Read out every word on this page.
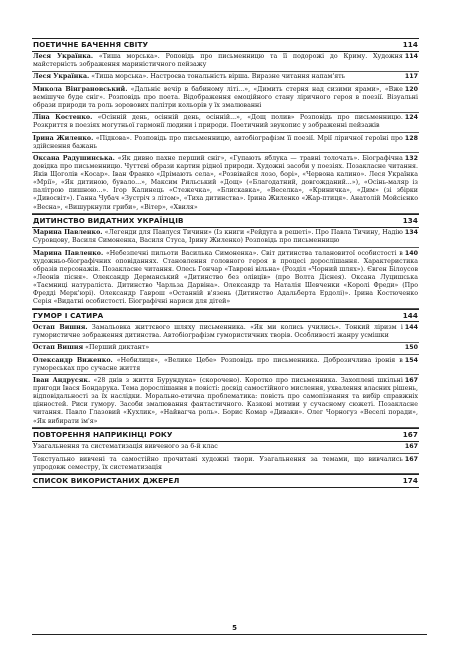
114
ПОЕТИЧНЕ БАЧЕННЯ СВІТУ
114
Леся Українка. «Тиша морська». Роповідь про письменницю та її подорожі до Криму. Художня майстерність зображення мариністичного пейзажу
117
Леся Українка. «Тиша морська». Настроєва тональність вірша. Виразне читання напам'ять
120
Микола Вінграновський. «Дальніє вечір в бабиному літі...», «Димить стерня над сизими ярами», «Вже вемішуче буде сніг». Розповідь про поета. Відображення емоційного стану ліричного героя в поезії. Візуальні образи природи та роль зоровових палітри кольорів у їх змалюванні
124
Ліна Костенко. «Осінній день, осінній день, осінній...», «Дощ полив» Розповідь про письменницю. Розкриття в поезіях могутньої гармонії людини і природи. Поетичний звукопис у зображенні пейзажів
128
Ірина Жиленко. «Підкова». Розповідь про письменницю, автобіографізм її поезії. Мрії ліричної героїні про здійснення бажань
132
Оксана Радушинська. «Як дивно пахне перший сніг», «Гупають яблука — травні толочать». Біографічна довідка про письменницю. Чуттєві образи картин рідної природи. Художні засоби у поезіях. Позакласне читання. Яків Щоголів «Косар». Іван Франко «Дрімають села», «Розвівайся лозо, борі», «Червона калино». Леся Українка «Мрії», «Як дитиною, бувало...», Максим Рильський «Дощ» («Благодатний, довгожданий...»), «Осінь-маляр із палітрою пишною...». Ігор Калинець «Стежечка», «Блискавка», «Веселка», «Криничка», «Дим» (зі збірки «Дивосвіт»). Ганна Чубач «Зустріч з літом», «Тиха дитинства». Ірина Жиленко «Жар-птиця». Анатолій Мойсієнко «Весна», «Вишуркнули гриби», «Вітер», «Хвиля»
134
ДИТИНСТВО ВИДАТНИХ УКРАЇНЦІВ
134
Марина Павленко. «Легенди для Павлуся Тичини» (Із книги «Рейдуга в решеті». Про Павла Тичину, Надію Суровцову, Василя Симоненка, Василя Стуса, Ірину Жиленко) Розповідь про письменницю
140
Марина Павленко. «Небезпечні пильоти Василька Симоненка». Світ дитинства талановитої особистості в художньо-біографічних оповіданнях. Становлення головного героя в процесі дорослішання. Характеристика образів персонажів. Позакласне читання. Олесь Гончар «Таврові вільна» (Розділ «Чорний шлях»). Євген Білоусов «Леонів пісня». Олександр Дерманський «Дитинство без олівців» (про Волта Діснея). Оксана Луцишська «Таємниці натураліста. Дитинство Чарльза Дарвіна». Олександр та Наталія Шевченки «Королі Фреди» (Про Фредді Мерк'юрі). Олександр Гаврош «Останній в'язень (Дитинство Адальберта Ердолі)». Ірина Костюченко Серія «Видатні особистості. Біографічні нариси для дітей»
144
ГУМОР І САТИРА
144
Остап Вишня. Замальовка життєвого шляху письменника. «Як ми колись учились». Тонкий ліризм і гумористичне зображення дитинства. Автобіографізм гумористичних творів. Особливості жанру усмішки
150
Остап Вишня «Перший диктант»
154
Олександр Виженко. «Небилиця», «Велике Цебе» Розповідь про письменника. Доброзичлива іронія в гумореськах про сучасне життя
167
Іван Андрусяк. «28 днів з життя Бурундука» (скорочено). Коротко про письменника. Захоплені шкільні пригоди Івася Бондарука. Тема дорослішання в повісті: досвід самостійного мислення, ухвалення власних рішень, відповідальності за їх наслідки. Морально-етична проблематика: повість про самопізнання та вибір справжніх цінностей. Риси гумору. Засоби змалювання фантастичного. Казкові мотиви у сучасному сюжеті. Позакласне читання. Павло Глазовий «Кухлик», «Найвагча роль». Борис Комар «Диваки». Олег Чорногуз «Веселі поради», «Як вибирати ім'я»
167
ПОВТОРЕННЯ НАПРИКІНЦІ РОКУ
167
Узагальнення та систематизація вивченого за 6-й клас
167
Текстуально вивчені та самостійно прочитані художні твори. Узагальнення за темами, що вивчались упродовж семестру, їх систематизація
174
СПИСОК ВИКОРИСТАНИХ ДЖЕРЕЛ
5
